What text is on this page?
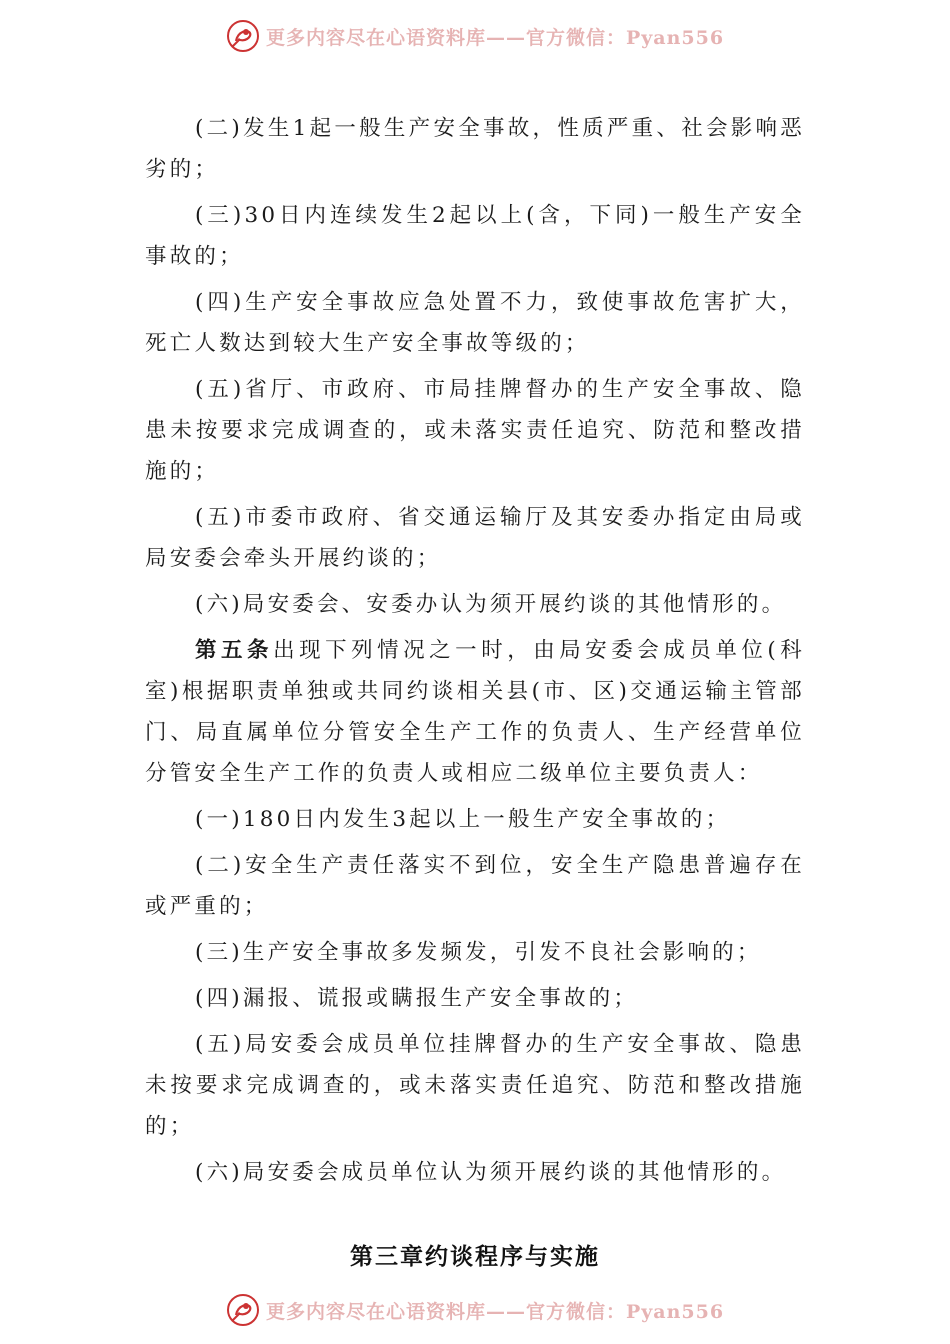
更多内容尽在心语资料库——官方微信：Pyan556

(二)发生1起一般生产安全事故，性质严重、社会影响恶劣的；

(三)30日内连续发生2起以上(含，下同)一般生产安全事故的；

(四)生产安全事故应急处置不力，致使事故危害扩大，死亡人数达到较大生产安全事故等级的；

(五)省厅、市政府、市局挂牌督办的生产安全事故、隐患未按要求完成调查的，或未落实责任追究、防范和整改措施的；

(五)市委市政府、省交通运输厅及其安委办指定由局或局安委会牵头开展约谈的；

(六)局安委会、安委办认为须开展约谈的其他情形的。

第五条出现下列情况之一时，由局安委会成员单位(科室)根据职责单独或共同约谈相关县(市、区)交通运输主管部门、局直属单位分管安全生产工作的负责人、生产经营单位分管安全生产工作的负责人或相应二级单位主要负责人：

(一)180日内发生3起以上一般生产安全事故的；

(二)安全生产责任落实不到位，安全生产隐患普遍存在或严重的；

(三)生产安全事故多发频发，引发不良社会影响的；

(四)漏报、谎报或瞒报生产安全事故的；

(五)局安委会成员单位挂牌督办的生产安全事故、隐患未按要求完成调查的，或未落实责任追究、防范和整改措施的；

(六)局安委会成员单位认为须开展约谈的其他情形的。

第三章约谈程序与实施
更多内容尽在心语资料库——官方微信：Pyan556
